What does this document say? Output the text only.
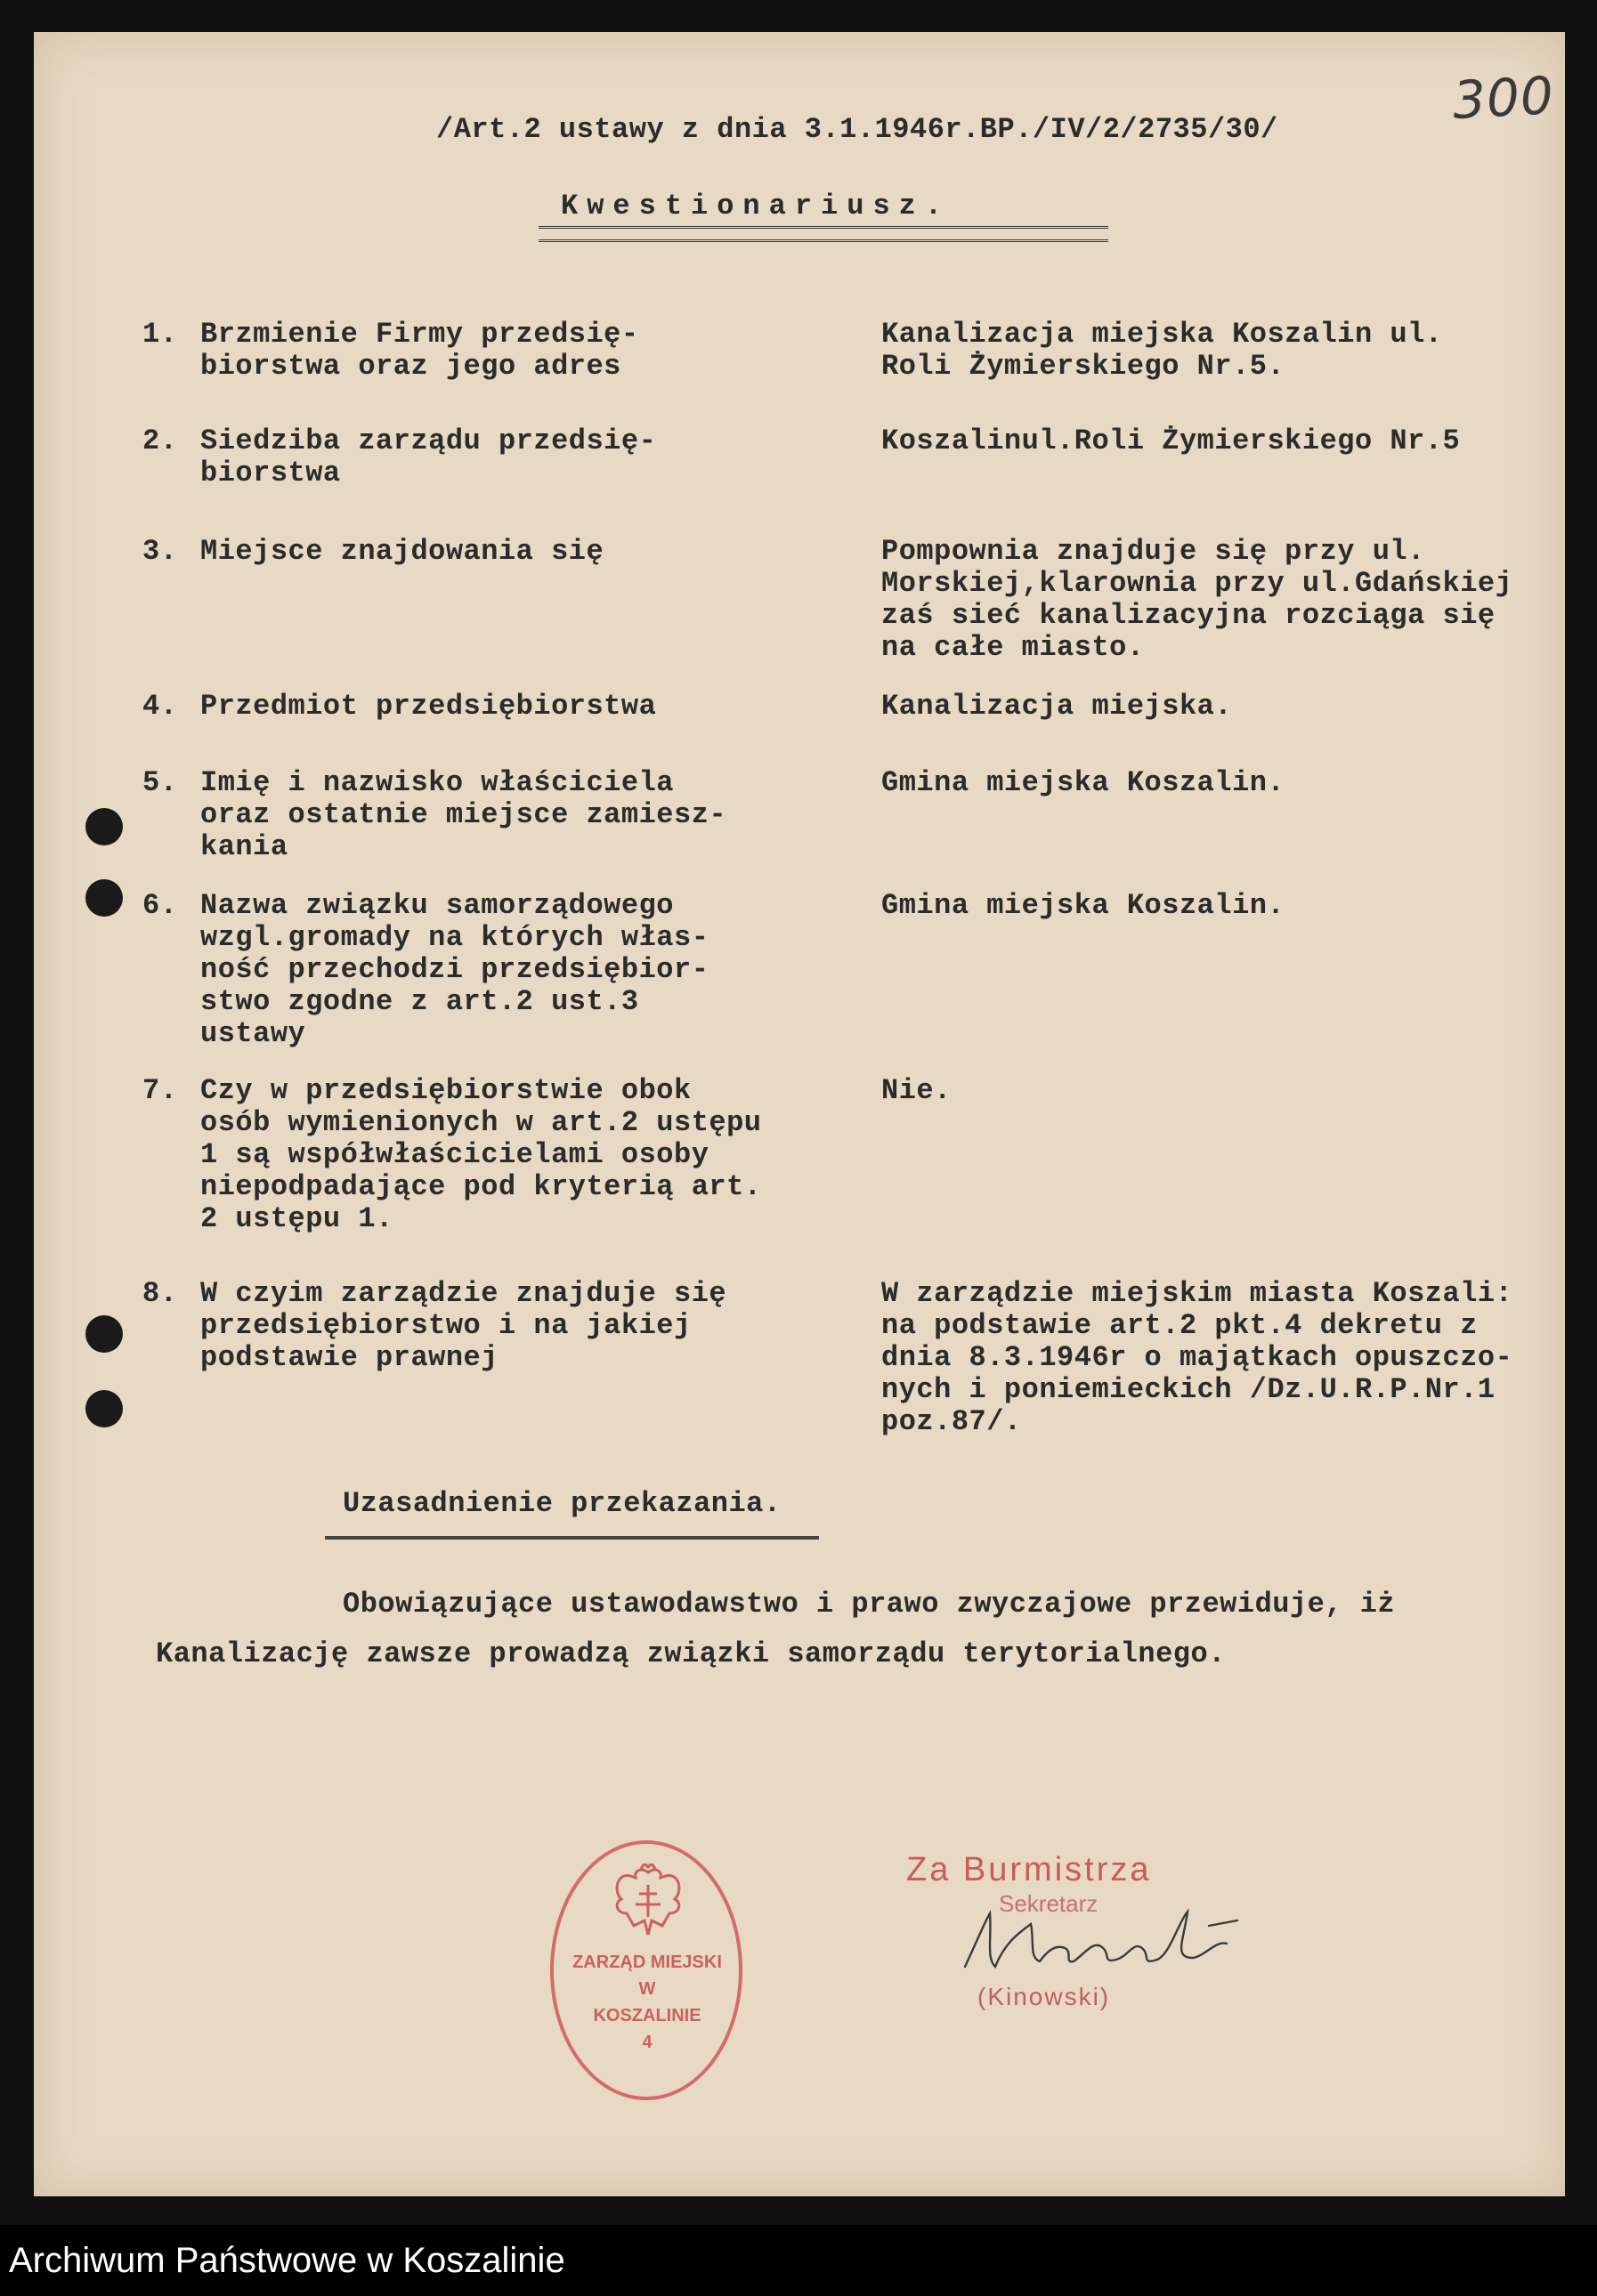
300
/Art.2 ustawy z dnia 3.1.1946r.BP./IV/2/2735/30/
Kwestionariusz.
1. Brzmienie Firmy przedsię-
biorstwa oraz jego adres
Kanalizacja miejska Koszalin ul.
Roli Żymierskiego Nr.5.
2. Siedziba zarządu przedsię-
biorstwa
Koszalinul.Roli Żymierskiego Nr.5
3. Miejsce znajdowania się	Pompownia znajduje się przy ul.
Morskiej,klarownia przy ul.Gdańskiej
zaś sieć kanalizacyjna rozciąga się
na całe miasto.
4. Przedmiot przedsiębiorstwa	Kanalizacja miejska.
5. Imię i nazwisko właściciela
oraz ostatnie miejsce zamiesz-
kania
Gmina miejska Koszalin.
6. Nazwa związku samorządowego
wzgl.gromady na których włas-
ność przechodzi przedsiębior-
stwo zgodne z art.2 ust.3
ustawy
Gmina miejska Koszalin.
7. Czy w przedsiębiorstwie obok
osób wymienionych w art.2 ustępu
1 są współwłaścicielami osoby
niepodpadające pod kryterią art.
2 ustępu 1.
Nie.
8. W czyim zarządzie znajduje się
przedsiębiorstwo i na jakiej
podstawie prawnej
W zarządzie miejskim miasta Koszali:
na podstawie art.2 pkt.4 dekretu z
dnia 8.3.1946r o majątkach opuszczo-
nych i poniemieckich /Dz.U.R.P.Nr.1
poz.87/.
Uzasadnienie przekazania.
Obowiązujące ustawodawstwo i prawo zwyczajowe przewiduje, iż Kanalizację zawsze prowadzą związki samorządu terytorialnego.
ZARZĄD MIEJSKI
W
KOSZALINIE
4
Za Burmistrza
Sekretarz
(Kinowski)
Archiwum Państwowe w Koszalinie
